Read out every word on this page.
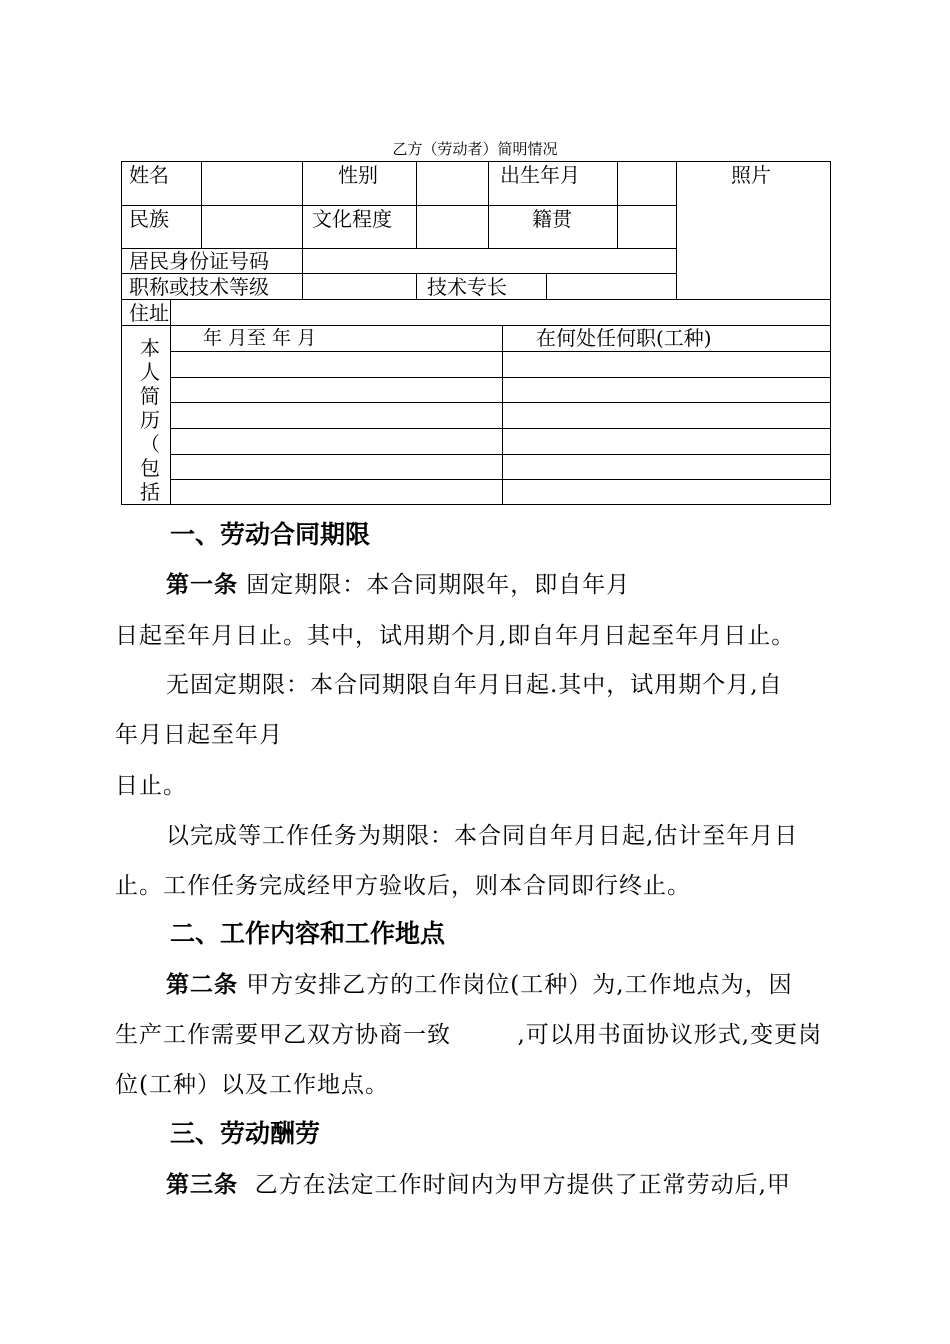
乙方（劳动者）简明情况
姓名	性别	出生年月	照片
民族	文化程度	籍贯
居民身份证号码
职称或技术等级	技术专长
住址
年 月至 年 月	在何处任何职(工种)
本
人
简
历
（
包
括
一、劳动合同期限
第一条 固定期限：本合同期限年，即自年月
日起至年月日止。其中，试用期个月,即自年月日起至年月日止。
无固定期限：本合同期限自年月日起.其中，试用期个月,自
年月日起至年月
日止。
以完成等工作任务为期限：本合同自年月日起,估计至年月日
止。工作任务完成经甲方验收后，则本合同即行终止。
二、工作内容和工作地点
第二条 甲方安排乙方的工作岗位(工种）为,工作地点为，因
生产工作需要甲乙双方协商一致        ,可以用书面协议形式,变更岗
位(工种）以及工作地点。
三、劳动酬劳
第三条  乙方在法定工作时间内为甲方提供了正常劳动后,甲
